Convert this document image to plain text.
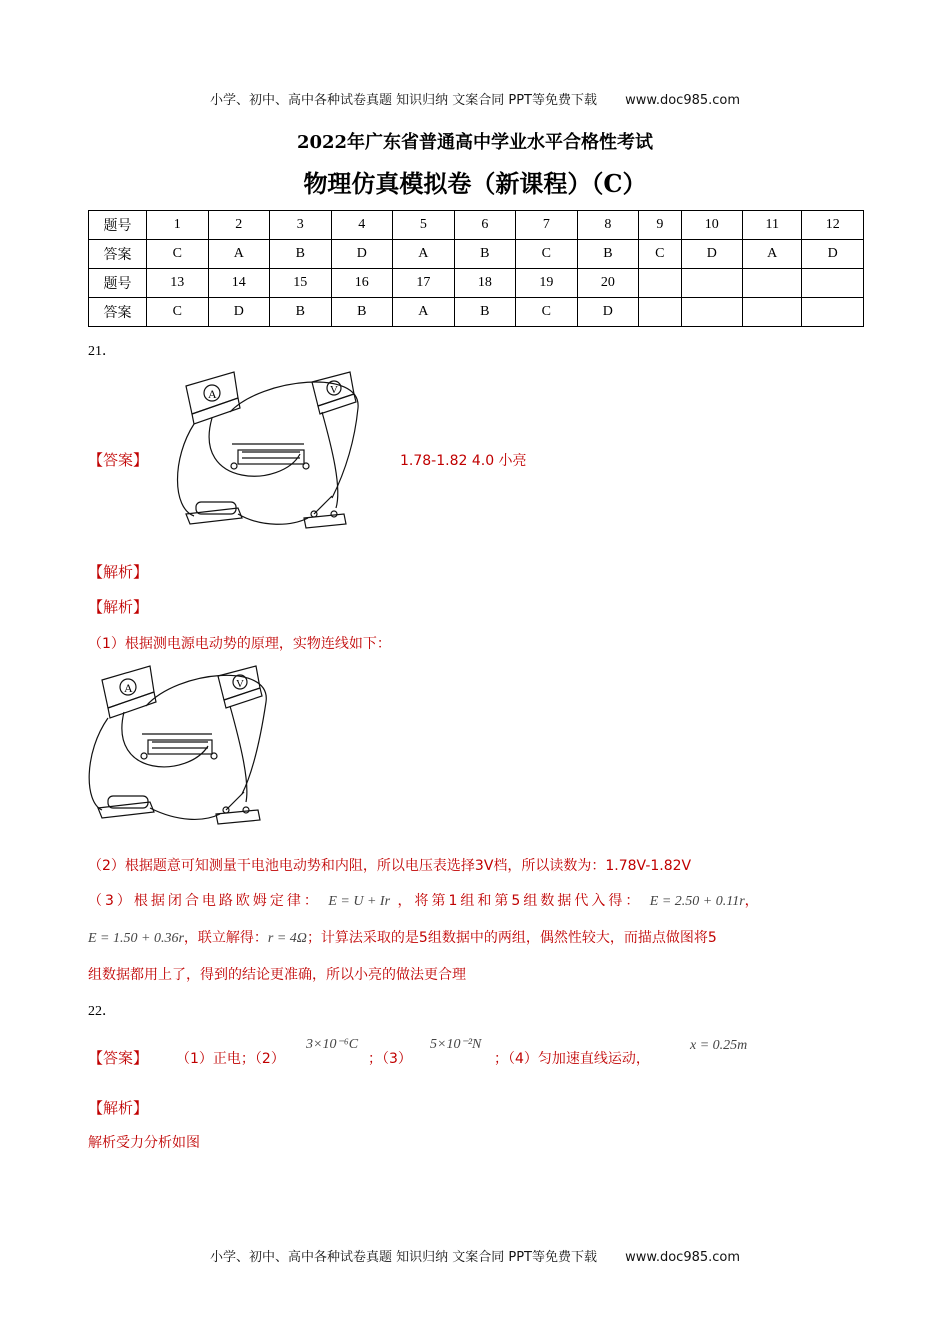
小学、初中、高中各种试卷真题 知识归纳 文案合同 PPT等免费下载 www.doc985.com
2022年广东省普通高中学业水平合格性考试
物理仿真模拟卷（新课程）（C）
题号	1	2	3	4	5	6	7	8	9	10	11	12
答案	C	A	B	D	A	B	C	B	C	D	A	D
题号	13	14	15	16	17	18	19	20				
答案	C	D	B	B	A	B	C	D				
21．
【答案】
A	V
1.78-1.82 4.0 小亮
【解析】
【解析】
（1）根据测电源电动势的原理，实物连线如下：
A	V
（2）根据题意可知测量干电池电动势和内阻，所以电压表选择3V档，所以读数为：1.78V-1.82V
（3）根据闭合电路欧姆定律： E = U + Ir ，将第1组和第5组数据代入得： E = 2.50 + 0.11r，
E = 1.50 + 0.36r，联立解得：r = 4Ω；计算法采取的是5组数据中的两组，偶然性较大，而描点做图将5
组数据都用上了，得到的结论更准确，所以小亮的做法更合理
22．
【答案】 （1）正电；（2）
3×10⁻⁶C
；（3）
5×10⁻²N
；（4）匀加速直线运动，
x = 0.25m
【解析】
解析受力分析如图
小学、初中、高中各种试卷真题 知识归纳 文案合同 PPT等免费下载 www.doc985.com
